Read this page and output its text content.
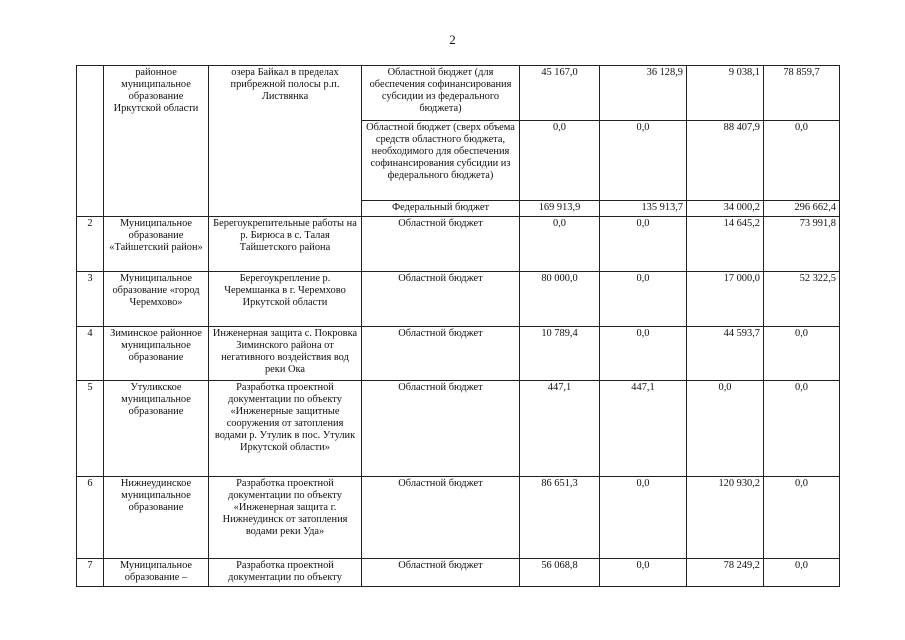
2
	районное муниципальное образование Иркутской области	озера Байкал в пределах прибрежной полосы р.п. Листвянка	Областной бюджет (для обеспечения софинансирования субсидии из федерального бюджета)	45 167,0	36 128,9	9 038,1	78 859,7
			Областной бюджет (сверх объема средств областного бюджета, необходимого для обеспечения софинансирования субсидии из федерального бюджета)	0,0	0,0	88 407,9	0,0
			Федеральный бюджет	169 913,9	135 913,7	34 000,2	296 662,4
2	Муниципальное образование «Тайшетский район»	Берегоукрепительные работы на р. Бирюса в с. Талая Тайшетского района	Областной бюджет	0,0	0,0	14 645,2	73 991,8
3	Муниципальное образование «город Черемхово»	Берегоукрепление р. Черемшанка в г. Черемхово Иркутской области	Областной бюджет	80 000,0	0,0	17 000,0	52 322,5
4	Зиминское районное муниципальное образование	Инженерная защита с. Покровка Зиминского района от негативного воздействия вод реки Ока	Областной бюджет	10 789,4	0,0	44 593,7	0,0
5	Утуликское муниципальное образование	Разработка проектной документации по объекту «Инженерные защитные сооружения от затопления водами р. Утулик в пос. Утулик Иркутской области»	Областной бюджет	447,1	447,1	0,0	0,0
6	Нижнеудинское муниципальное образование	Разработка проектной документации по объекту «Инженерная защита г. Нижнеудинск от затопления водами реки Уда»	Областной бюджет	86 651,3	0,0	120 930,2	0,0
7	Муниципальное образование –	Разработка проектной документации по объекту	Областной бюджет	56 068,8	0,0	78 249,2	0,0
